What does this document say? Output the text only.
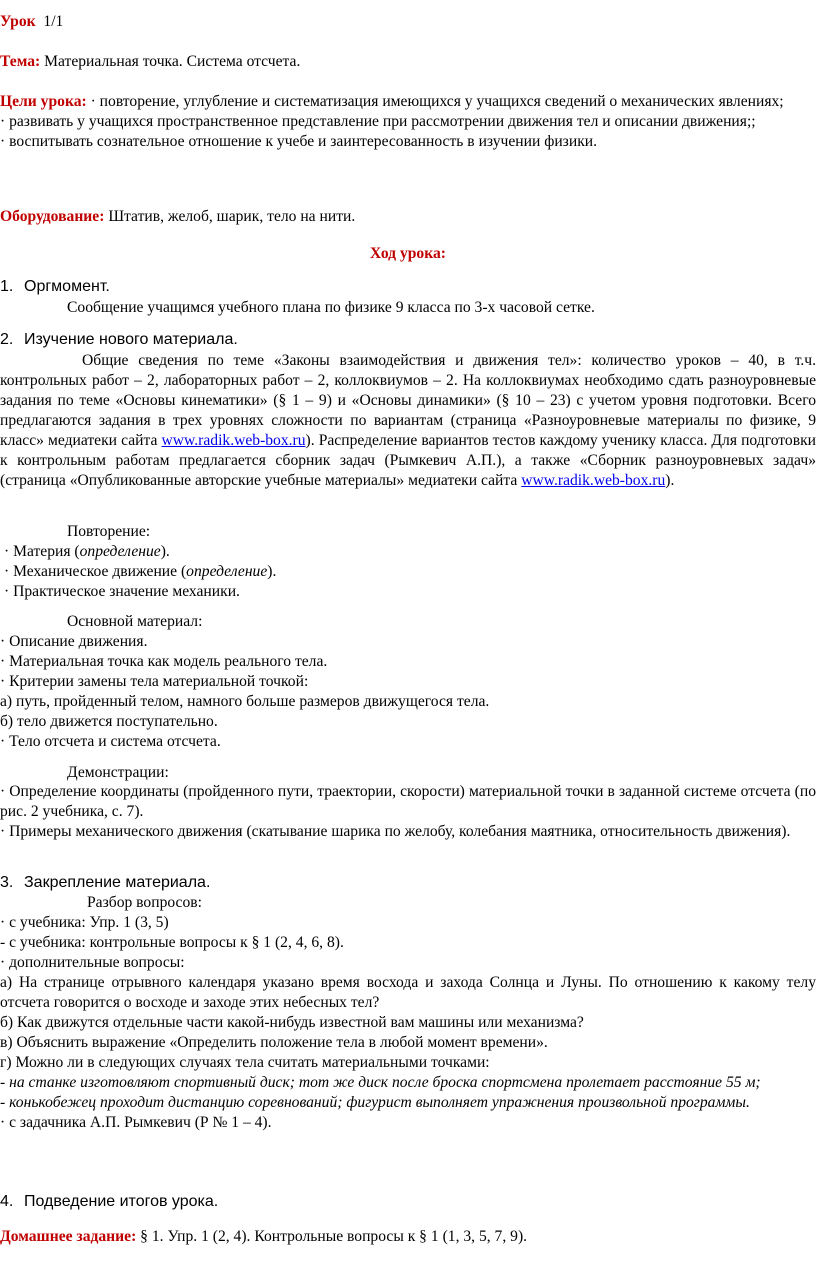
Урок 1/1

Тема: Материальная точка. Система отсчета.

Цели урока: · повторение, углубление и систематизация имеющихся у учащихся сведений о механических явлениях;
· развивать у учащихся пространственное представление при рассмотрении движения тел и описании движения;;
· воспитывать сознательное отношение к учебе и заинтересованность в изучении физики.

Оборудование: Штатив, желоб, шарик, тело на нити.

Ход урока:

1. Оргмомент.

Сообщение учащимся учебного плана по физике 9 класса по 3-х часовой сетке.

2. Изучение нового материала.

Общие сведения по теме «Законы взаимодействия и движения тел»: количество уроков – 40, в т.ч. контрольных работ – 2, лабораторных работ – 2, коллоквиумов – 2. На коллоквиумах необходимо сдать разноуровневые задания по теме «Основы кинематики» (§ 1 – 9) и «Основы динамики» (§ 10 – 23) с учетом уровня подготовки. Всего предлагаются задания в трех уровнях сложности по вариантам (страница «Разноуровневые материалы по физике, 9 класс» медиатеки сайта www.radik.web-box.ru). Распределение вариантов тестов каждому ученику класса. Для подготовки к контрольным работам предлагается сборник задач (Рымкевич А.П.), а также «Сборник разноуровневых задач» (страница «Опубликованные авторские учебные материалы» медиатеки сайта www.radik.web-box.ru).

Повторение:

· Материя (определение).
· Механическое движение (определение).
· Практическое значение механики.

Основной материал:

· Описание движения.
· Материальная точка как модель реального тела.
· Критерии замены тела материальной точкой:
а) путь, пройденный телом, намного больше размеров движущегося тела.
б) тело движется поступательно.
· Тело отсчета и система отсчета.

Демонстрации:

· Определение координаты (пройденного пути, траектории, скорости) материальной точки в заданной системе отсчета (по рис. 2 учебника, с. 7).
· Примеры механического движения (скатывание шарика по желобу, колебания маятника, относительность движения).

3. Закрепление материала.

Разбор вопросов:

· с учебника: Упр. 1 (3, 5)
- с учебника: контрольные вопросы к § 1 (2, 4, 6, 8).
· дополнительные вопросы:
а) На странице отрывного календаря указано время восхода и захода Солнца и Луны. По отношению к какому телу отсчета говорится о восходе и заходе этих небесных тел?
б) Как движутся отдельные части какой-нибудь известной вам машины или механизма?
в) Объяснить выражение «Определить положение тела в любой момент времени».
г) Можно ли в следующих случаях тела считать материальными точками:
- на станке изготовляют спортивный диск; тот же диск после броска спортсмена пролетает расстояние 55 м;
- конькобежец проходит дистанцию соревнований; фигурист выполняет упражнения произвольной программы.
· с задачника А.П. Рымкевич (Р № 1 – 4).

4. Подведение итогов урока.

Домашнее задание: § 1. Упр. 1 (2, 4). Контрольные вопросы к § 1 (1, 3, 5, 7, 9).
